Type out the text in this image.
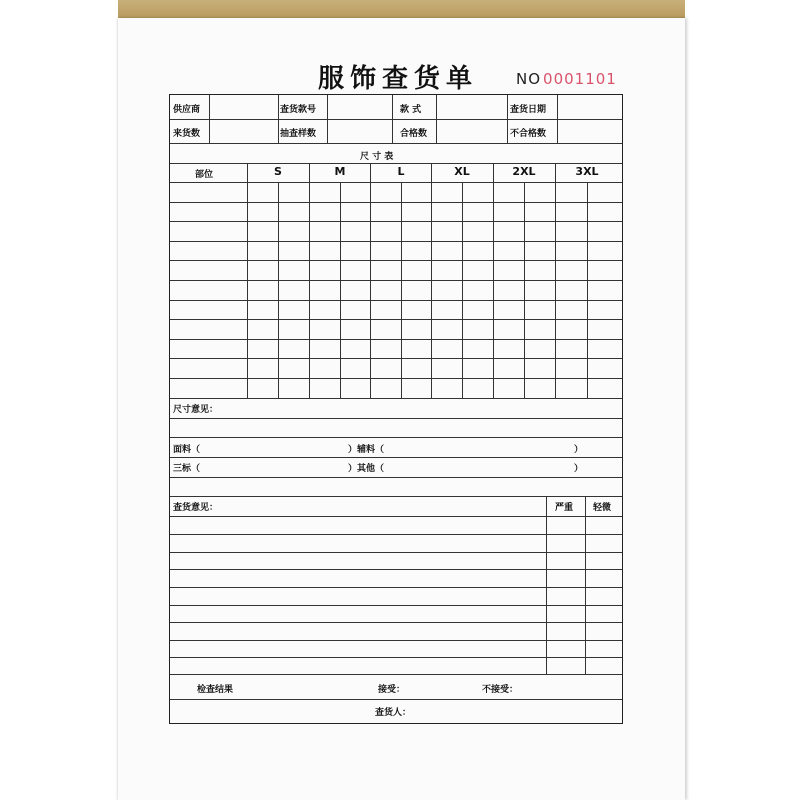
服饰查货单	NO 0001101
供应商	查货款号	款 式	查货日期
来货数	抽查样数	合格数	不合格数
尺 寸 表
部位	S	M	L	XL	2XL	3XL
尺寸意见：
面料（	）辅料（	）
三标（	）其他（	）
查货意见：	严重 轻微
检查结果	接受：	不接受：
查货人：
